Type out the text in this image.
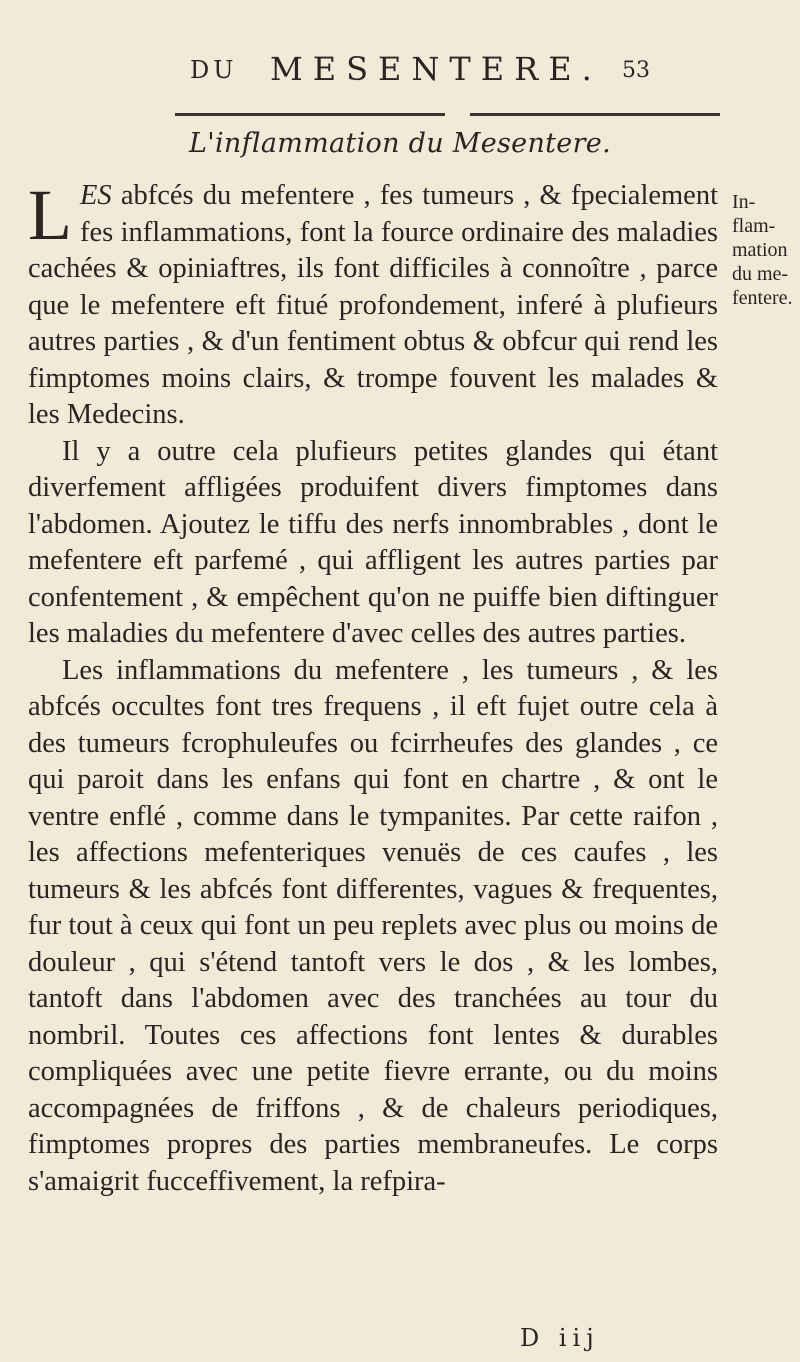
DU MESENTERE. 53
L'inflammation du Mesentere.
In-
flam-
mation
du me-
fentere.

LES abfcés du mefentere , fes tumeurs , & fpecialement fes inflammations, font la fource ordinaire des maladies cachées & opiniaftres, ils font difficiles à connoître , parce que le mefentere eft fitué profondement, inferé à plufieurs autres parties , & d'un fentiment obtus & obfcur qui rend les fimptomes moins clairs, & trompe fouvent les malades & les Medecins.

Il y a outre cela plufieurs petites glandes qui étant diverfement affligées produifent divers fimptomes dans l'abdomen. Ajoutez le tiffu des nerfs innombrables , dont le mefentere eft parfemé , qui affligent les autres parties par confentement , & empêchent qu'on ne puiffe bien diftinguer les maladies du mefentere d'avec celles des autres parties.

Les inflammations du mefentere , les tumeurs , & les abfcés occultes font tres frequens , il eft fujet outre cela à des tumeurs fcrophuleufes ou fcirrheufes des glandes , ce qui paroit dans les enfans qui font en chartre , & ont le ventre enflé , comme dans le tympanites. Par cette raifon , les affections mefenteriques venuës de ces caufes , les tumeurs & les abfcés font differentes, vagues & frequentes, fur tout à ceux qui font un peu replets avec plus ou moins de douleur , qui s'étend tantoft vers le dos , & les lombes, tantoft dans l'abdomen avec des tranchées au tour du nombril. Toutes ces affections font lentes & durables compliquées avec une petite fievre errante, ou du moins accompagnées de friffons , & de chaleurs periodiques, fimptomes propres des parties membraneufes. Le corps s'amaigrit fucceffivement, la refpira-

D iij
